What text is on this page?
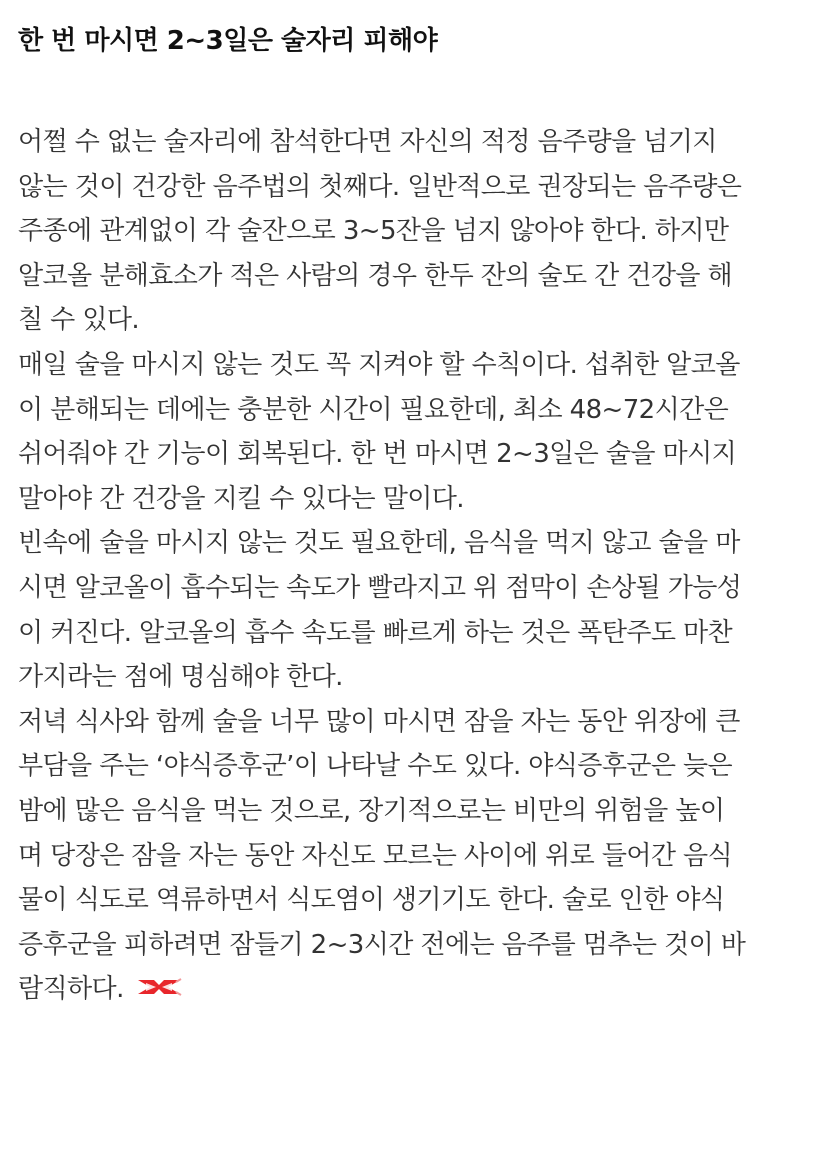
한 번 마시면 2~3일은 술자리 피해야
어쩔 수 없는 술자리에 참석한다면 자신의 적정 음주량을 넘기지
않는 것이 건강한 음주법의 첫째다. 일반적으로 권장되는 음주량은
주종에 관계없이 각 술잔으로 3~5잔을 넘지 않아야 한다. 하지만
알코올 분해효소가 적은 사람의 경우 한두 잔의 술도 간 건강을 해
칠 수 있다.
매일 술을 마시지 않는 것도 꼭 지켜야 할 수칙이다. 섭취한 알코올
이 분해되는 데에는 충분한 시간이 필요한데, 최소 48~72시간은
쉬어줘야 간 기능이 회복된다. 한 번 마시면 2~3일은 술을 마시지
말아야 간 건강을 지킬 수 있다는 말이다.
빈속에 술을 마시지 않는 것도 필요한데, 음식을 먹지 않고 술을 마
시면 알코올이 흡수되는 속도가 빨라지고 위 점막이 손상될 가능성
이 커진다. 알코올의 흡수 속도를 빠르게 하는 것은 폭탄주도 마찬
가지라는 점에 명심해야 한다.
저녁 식사와 함께 술을 너무 많이 마시면 잠을 자는 동안 위장에 큰
부담을 주는 ‘야식증후군’이 나타날 수도 있다. 야식증후군은 늦은
밤에 많은 음식을 먹는 것으로, 장기적으로는 비만의 위험을 높이
며 당장은 잠을 자는 동안 자신도 모르는 사이에 위로 들어간 음식
물이 식도로 역류하면서 식도염이 생기기도 한다. 술로 인한 야식
증후군을 피하려면 잠들기 2~3시간 전에는 음주를 멈추는 것이 바
람직하다.
